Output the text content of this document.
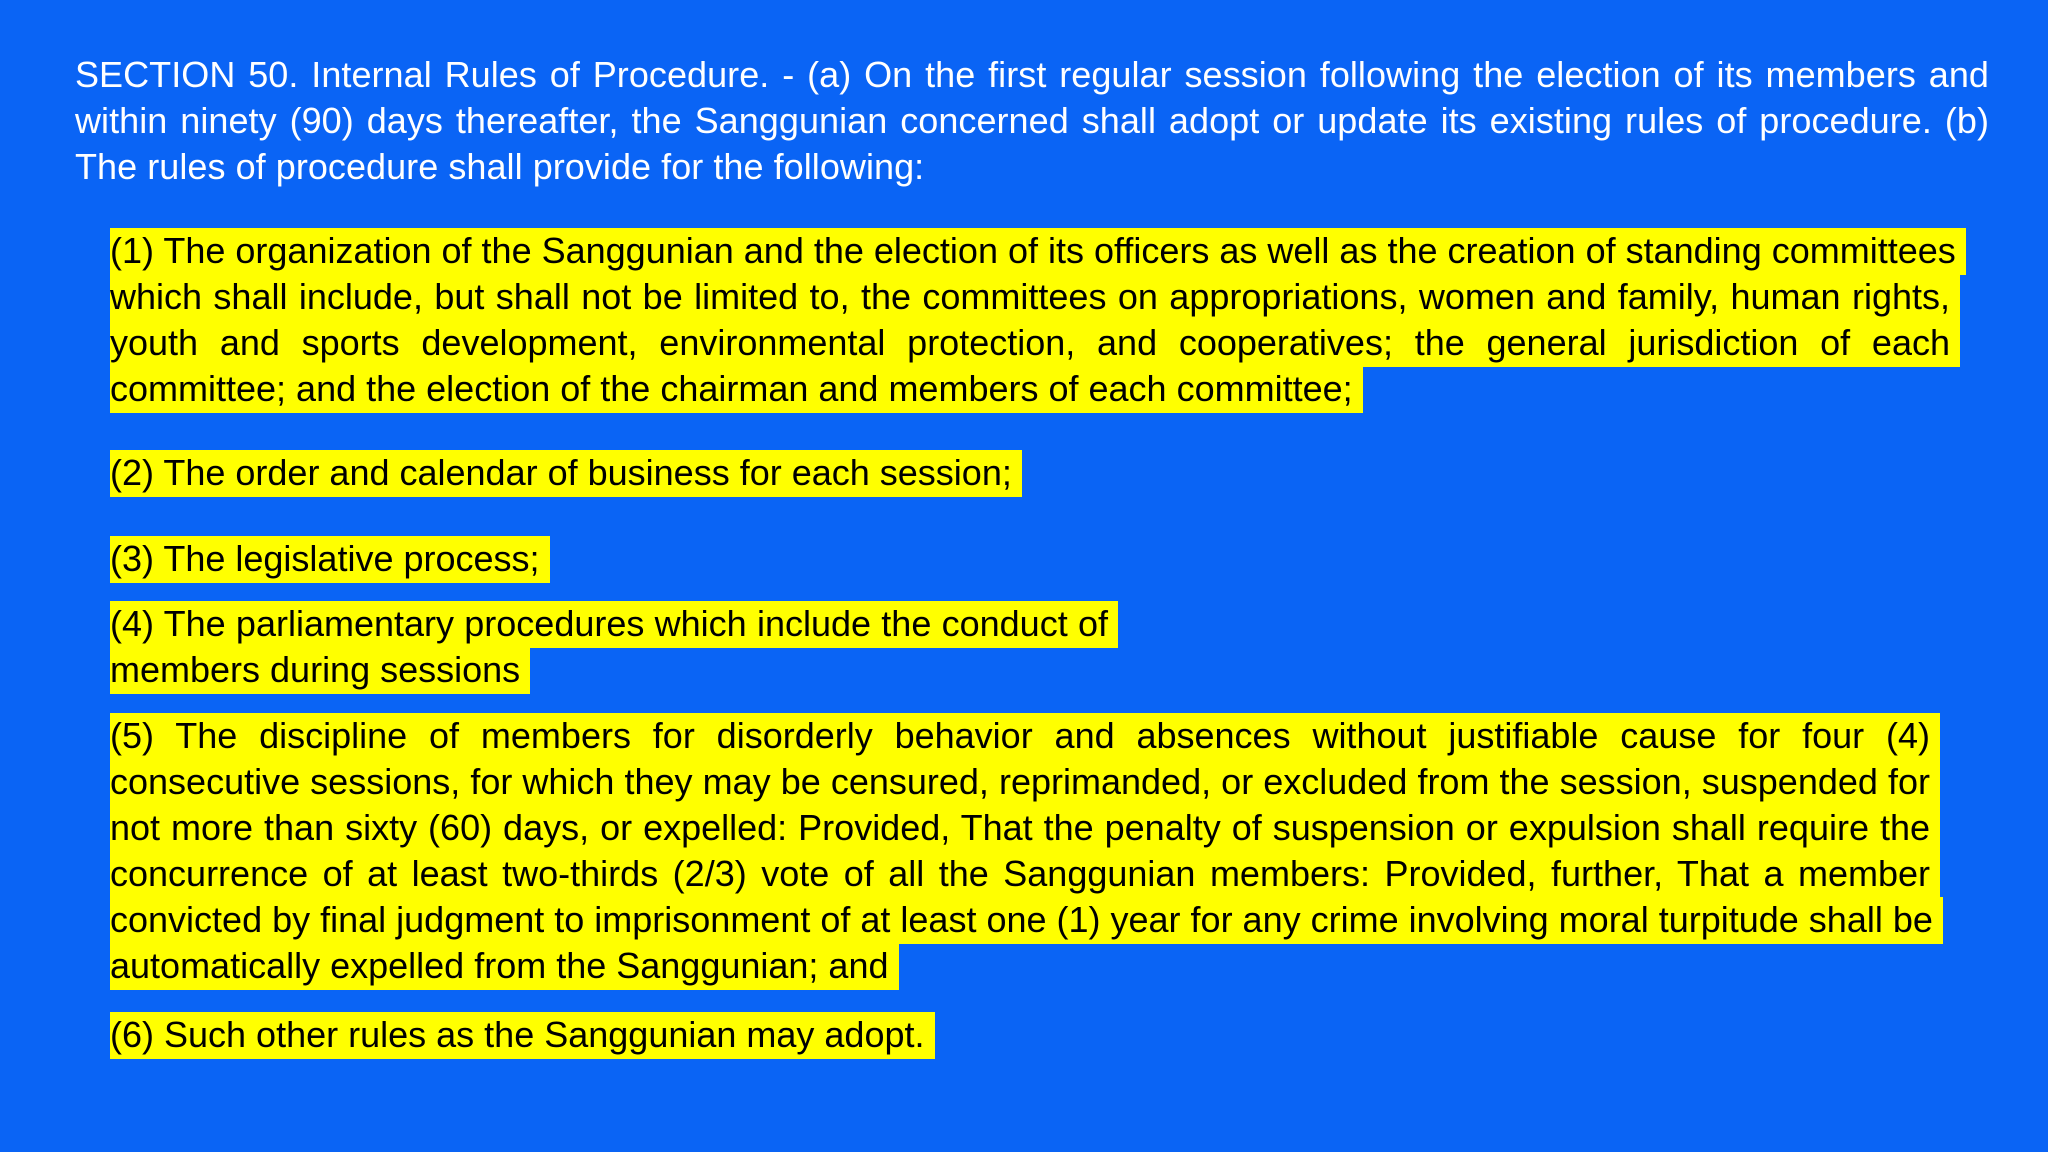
SECTION 50. Internal Rules of Procedure. - (a) On the first regular session following the election of its members and within ninety (90) days thereafter, the Sanggunian concerned shall adopt or update its existing rules of procedure. (b) The rules of procedure shall provide for the following:

(1) The organization of the Sanggunian and the election of its officers as well as the creation of standing committees which shall include, but shall not be limited to, the committees on appropriations, women and family, human rights, youth and sports development, environmental protection, and cooperatives; the general jurisdiction of each committee; and the election of the chairman and members of each committee;

(2) The order and calendar of business for each session;

(3) The legislative process;

(4) The parliamentary procedures which include the conduct of members during sessions

(5) The discipline of members for disorderly behavior and absences without justifiable cause for four (4) consecutive sessions, for which they may be censured, reprimanded, or excluded from the session, suspended for not more than sixty (60) days, or expelled: Provided, That the penalty of suspension or expulsion shall require the concurrence of at least two-thirds (2/3) vote of all the Sanggunian members: Provided, further, That a member convicted by final judgment to imprisonment of at least one (1) year for any crime involving moral turpitude shall be automatically expelled from the Sanggunian; and

(6) Such other rules as the Sanggunian may adopt.
